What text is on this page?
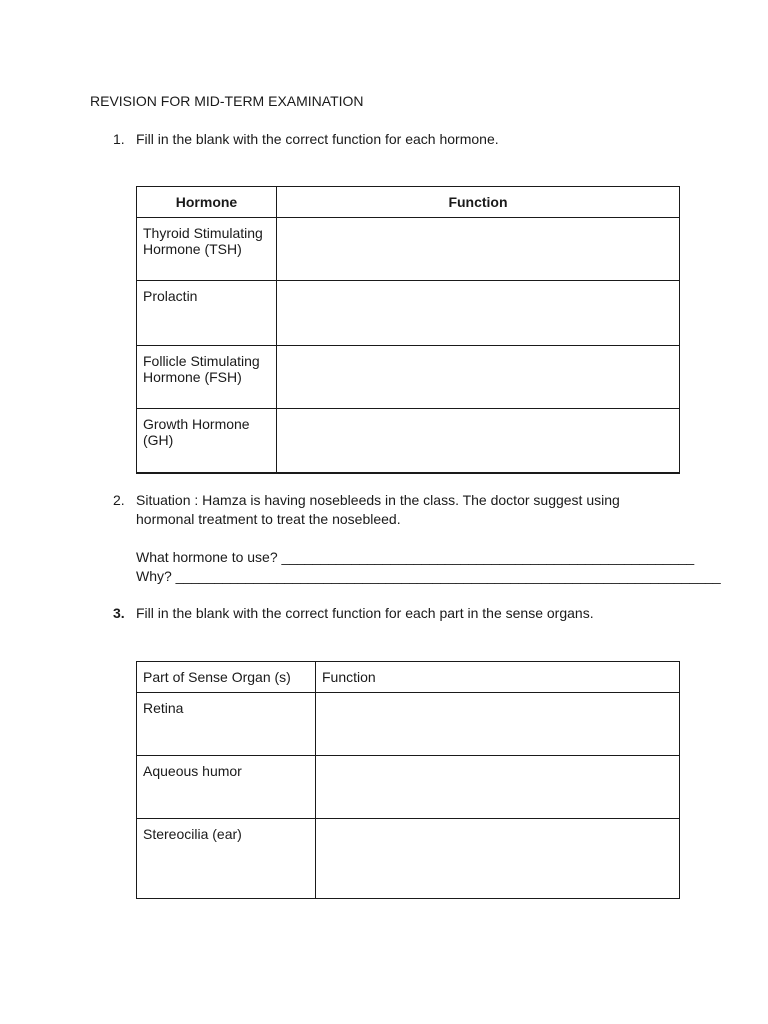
REVISION FOR MID-TERM EXAMINATION
1. Fill in the blank with the correct function for each hormone.
Hormone	Function
Thyroid Stimulating Hormone (TSH)	
Prolactin	
Follicle Stimulating Hormone (FSH)	
Growth Hormone (GH)	
2. Situation : Hamza is having nosebleeds in the class. The doctor suggest using hormonal treatment to treat the nosebleed.
What hormone to use? _____________________________________________________
Why? ______________________________________________________________________
3. Fill in the blank with the correct function for each part in the sense organs.
Part of Sense Organ (s)	Function
Retina	
Aqueous humor	
Stereocilia (ear)	
